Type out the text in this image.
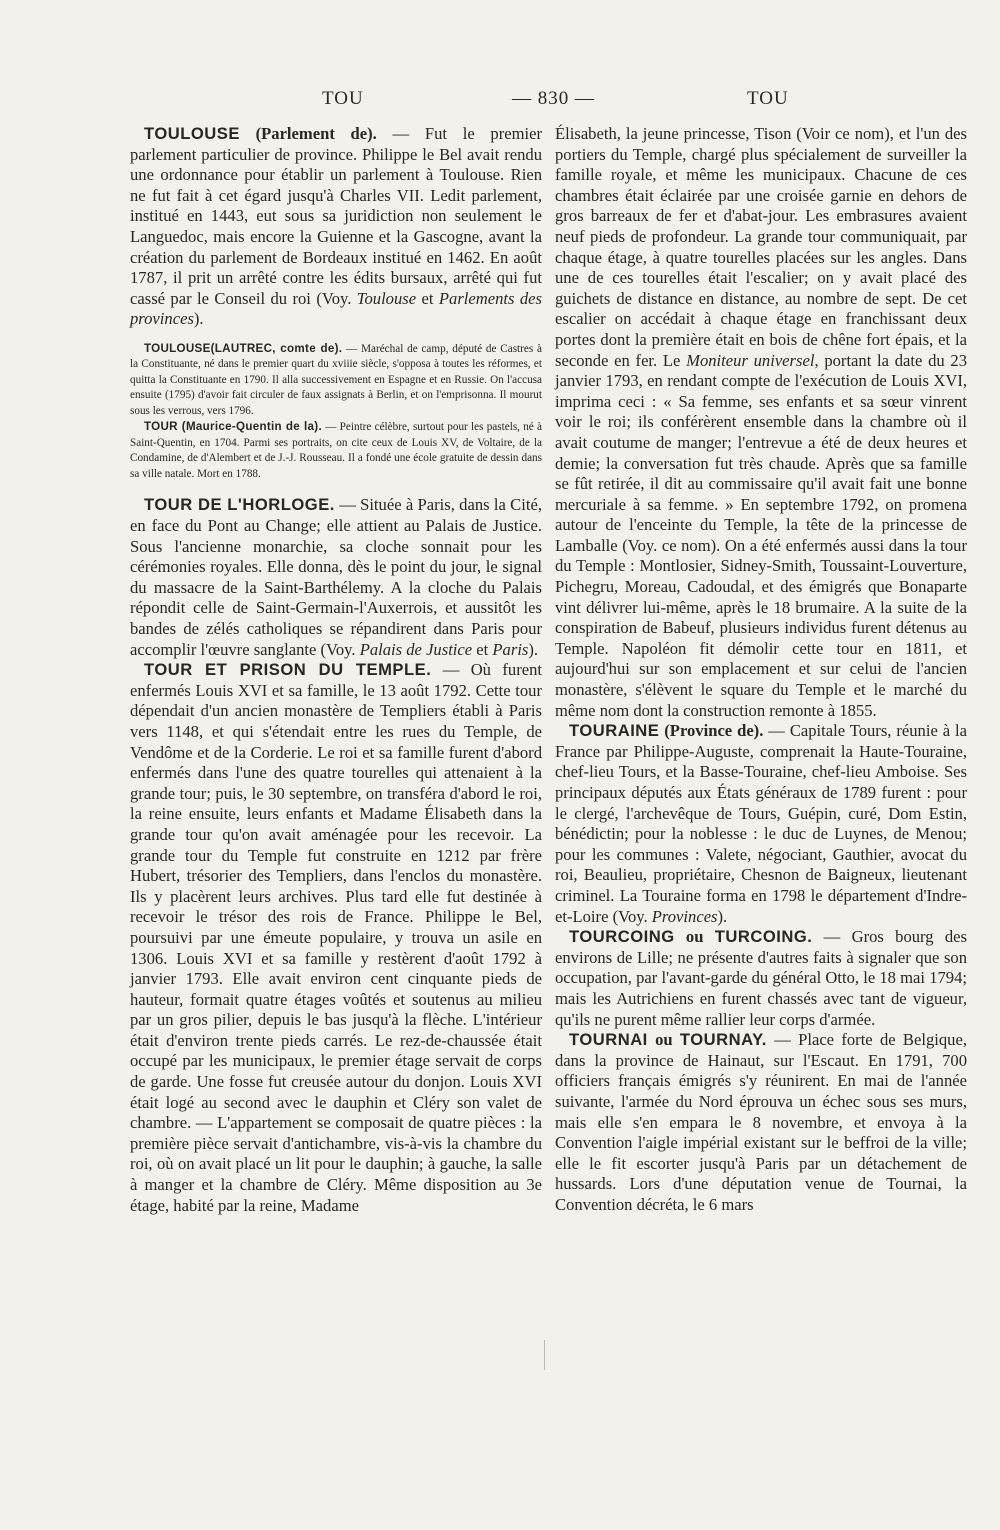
TOU	— 830 —	TOU

TOULOUSE (Parlement de). — Fut le premier parlement particulier de province. Philippe le Bel avait rendu une ordonnance pour établir un parlement à Toulouse. Rien ne fut fait à cet égard jusqu'à Charles VII. Ledit parlement, institué en 1443, eut sous sa juridiction non seulement le Languedoc, mais encore la Guienne et la Gascogne, avant la création du parlement de Bordeaux institué en 1462. En août 1787, il prit un arrêté contre les édits bursaux, arrêté qui fut cassé par le Conseil du roi (Voy. Toulouse et Parlements des provinces).

TOULOUSE(LAUTREC, comte de). — Maréchal de camp, député de Castres à la Constituante, né dans le premier quart du xviiie siècle, s'opposa à toutes les réformes, et quitta la Constituante en 1790. Il alla successivement en Espagne et en Russie. On l'accusa ensuite (1795) d'avoir fait circuler de faux assignats à Berlin, et on l'emprisonna. Il mourut sous les verrous, vers 1796.

TOUR (Maurice-Quentin de la). — Peintre célèbre, surtout pour les pastels, né à Saint-Quentin, en 1704. Parmi ses portraits, on cite ceux de Louis XV, de Voltaire, de la Condamine, de d'Alembert et de J.-J. Rousseau. Il a fondé une école gratuite de dessin dans sa ville natale. Mort en 1788.

TOUR DE L'HORLOGE. — Située à Paris, dans la Cité, en face du Pont au Change; elle attient au Palais de Justice. Sous l'ancienne monarchie, sa cloche sonnait pour les cérémonies royales. Elle donna, dès le point du jour, le signal du massacre de la Saint-Barthélemy. A la cloche du Palais répondit celle de Saint-Germain-l'Auxerrois, et aussitôt les bandes de zélés catholiques se répandirent dans Paris pour accomplir l'œuvre sanglante (Voy. Palais de Justice et Paris).

TOUR ET PRISON DU TEMPLE. — Où furent enfermés Louis XVI et sa famille, le 13 août 1792. Cette tour dépendait d'un ancien monastère de Templiers établi à Paris vers 1148, et qui s'étendait entre les rues du Temple, de Vendôme et de la Corderie. Le roi et sa famille furent d'abord enfermés dans l'une des quatre tourelles qui attenaient à la grande tour; puis, le 30 septembre, on transféra d'abord le roi, la reine ensuite, leurs enfants et Madame Élisabeth dans la grande tour qu'on avait aménagée pour les recevoir. La grande tour du Temple fut construite en 1212 par frère Hubert, trésorier des Templiers, dans l'enclos du monastère. Ils y placèrent leurs archives. Plus tard elle fut destinée à recevoir le trésor des rois de France. Philippe le Bel, poursuivi par une émeute populaire, y trouva un asile en 1306. Louis XVI et sa famille y restèrent d'août 1792 à janvier 1793. Elle avait environ cent cinquante pieds de hauteur, formait quatre étages voûtés et soutenus au milieu par un gros pilier, depuis le bas jusqu'à la flèche. L'intérieur était d'environ trente pieds carrés. Le rez-de-chaussée était occupé par les municipaux, le premier étage servait de corps de garde. Une fosse fut creusée autour du donjon. Louis XVI était logé au second avec le dauphin et Cléry son valet de chambre. — L'appartement se composait de quatre pièces : la première pièce servait d'antichambre, vis-à-vis la chambre du roi, où on avait placé un lit pour le dauphin; à gauche, la salle à manger et la chambre de Cléry. Même disposition au 3e étage, habité par la reine, Madame

Élisabeth, la jeune princesse, Tison (Voir ce nom), et l'un des portiers du Temple, chargé plus spécialement de surveiller la famille royale, et même les municipaux. Chacune de ces chambres était éclairée par une croisée garnie en dehors de gros barreaux de fer et d'abat-jour. Les embrasures avaient neuf pieds de profondeur. La grande tour communiquait, par chaque étage, à quatre tourelles placées sur les angles. Dans une de ces tourelles était l'escalier; on y avait placé des guichets de distance en distance, au nombre de sept. De cet escalier on accédait à chaque étage en franchissant deux portes dont la première était en bois de chêne fort épais, et la seconde en fer. Le Moniteur universel, portant la date du 23 janvier 1793, en rendant compte de l'exécution de Louis XVI, imprima ceci : « Sa femme, ses enfants et sa sœur vinrent voir le roi; ils conférèrent ensemble dans la chambre où il avait coutume de manger; l'entrevue a été de deux heures et demie; la conversation fut très chaude. Après que sa famille se fût retirée, il dit au commissaire qu'il avait fait une bonne mercuriale à sa femme. » En septembre 1792, on promena autour de l'enceinte du Temple, la tête de la princesse de Lamballe (Voy. ce nom). On a été enfermés aussi dans la tour du Temple : Montlosier, Sidney-Smith, Toussaint-Louverture, Pichegru, Moreau, Cadoudal, et des émigrés que Bonaparte vint délivrer lui-même, après le 18 brumaire. A la suite de la conspiration de Babeuf, plusieurs individus furent détenus au Temple. Napoléon fit démolir cette tour en 1811, et aujourd'hui sur son emplacement et sur celui de l'ancien monastère, s'élèvent le square du Temple et le marché du même nom dont la construction remonte à 1855.

TOURAINE (Province de). — Capitale Tours, réunie à la France par Philippe-Auguste, comprenait la Haute-Touraine, chef-lieu Tours, et la Basse-Touraine, chef-lieu Amboise. Ses principaux députés aux États généraux de 1789 furent : pour le clergé, l'archevêque de Tours, Guépin, curé, Dom Estin, bénédictin; pour la noblesse : le duc de Luynes, de Menou; pour les communes : Valete, négociant, Gauthier, avocat du roi, Beaulieu, propriétaire, Chesnon de Baigneux, lieutenant criminel. La Touraine forma en 1798 le département d'Indre-et-Loire (Voy. Provinces).

TOURCOING ou TURCOING. — Gros bourg des environs de Lille; ne présente d'autres faits à signaler que son occupation, par l'avant-garde du général Otto, le 18 mai 1794; mais les Autrichiens en furent chassés avec tant de vigueur, qu'ils ne purent même rallier leur corps d'armée.

TOURNAI ou TOURNAY. — Place forte de Belgique, dans la province de Hainaut, sur l'Escaut. En 1791, 700 officiers français émigrés s'y réunirent. En mai de l'année suivante, l'armée du Nord éprouva un échec sous ses murs, mais elle s'en empara le 8 novembre, et envoya à la Convention l'aigle impérial existant sur le beffroi de la ville; elle le fit escorter jusqu'à Paris par un détachement de hussards. Lors d'une députation venue de Tournai, la Convention décréta, le 6 mars
